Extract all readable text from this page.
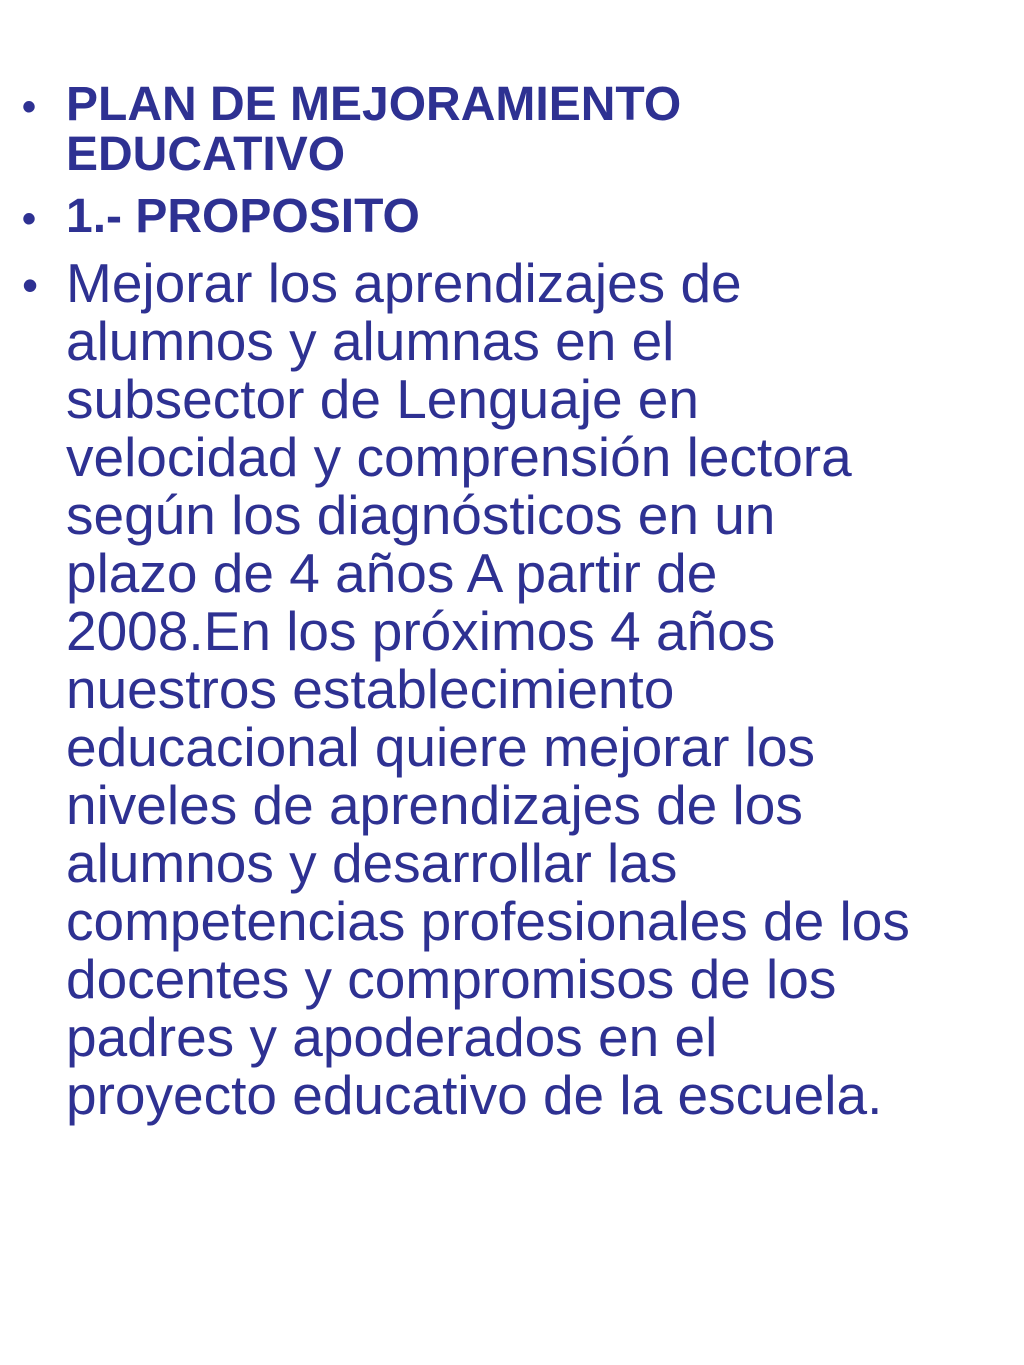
• PLAN DE MEJORAMIENTO EDUCATIVO
• 1.- PROPOSITO
• Mejorar los aprendizajes de alumnos y alumnas en el subsector de Lenguaje en velocidad y comprensión lectora según los diagnósticos en un plazo de 4 años A partir de 2008.En los próximos 4 años nuestros establecimiento educacional quiere mejorar los niveles de aprendizajes de los alumnos y desarrollar las competencias profesionales de los docentes y compromisos de los padres y apoderados en el proyecto educativo de la escuela.
